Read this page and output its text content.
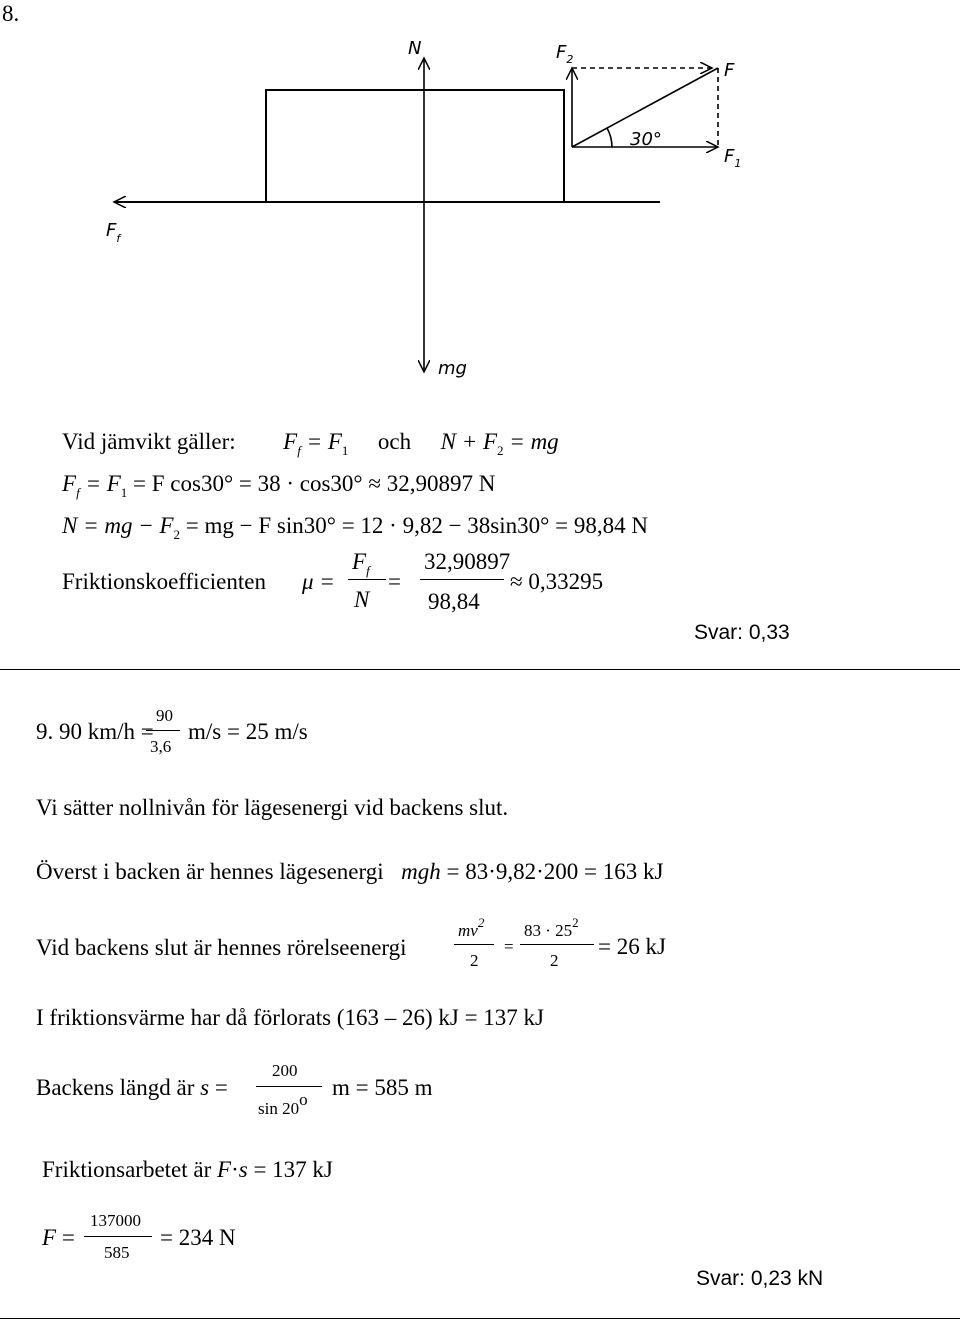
8.
N	$F_2$
F
$F_1$
$F_f$
mg
30°
Vid jämvikt gäller: $F_f = F_1$ och $N + F_2$ = mg
$F_f = F_1 = F$ cos30° = 38 · cos30° ≈ 32,90897 N
N = mg − $F_2$ = mg − F sin30° = 12 · 9,82 − 38sin30° = 98,84 N
Friktionskoefficienten μ =
$F_f$
N
=
32,90897
98,84
≈ 0,33295
Svar: 0,33
9. 90 km/h =
90
3,6
m/s = 25 m/s
Vi sätter nollnivån för lägesenergi vid backens slut.
Överst i backen är hennes lägesenergi mgh = 83·9,82·200 = 163 kJ
Vid backens slut är hennes rörelseenergi
$mv^2$
2
=
$83 \cdot 25^2$
2
= 26 kJ
I friktionsvärme har då förlorats (163 – 26) kJ = 137 kJ
Backens längd är s =
200
sin 20o m = 585 m
Friktionsarbetet är F·s = 137 kJ
F =
137000
585
= 234 N
Svar: 0,23 kN
